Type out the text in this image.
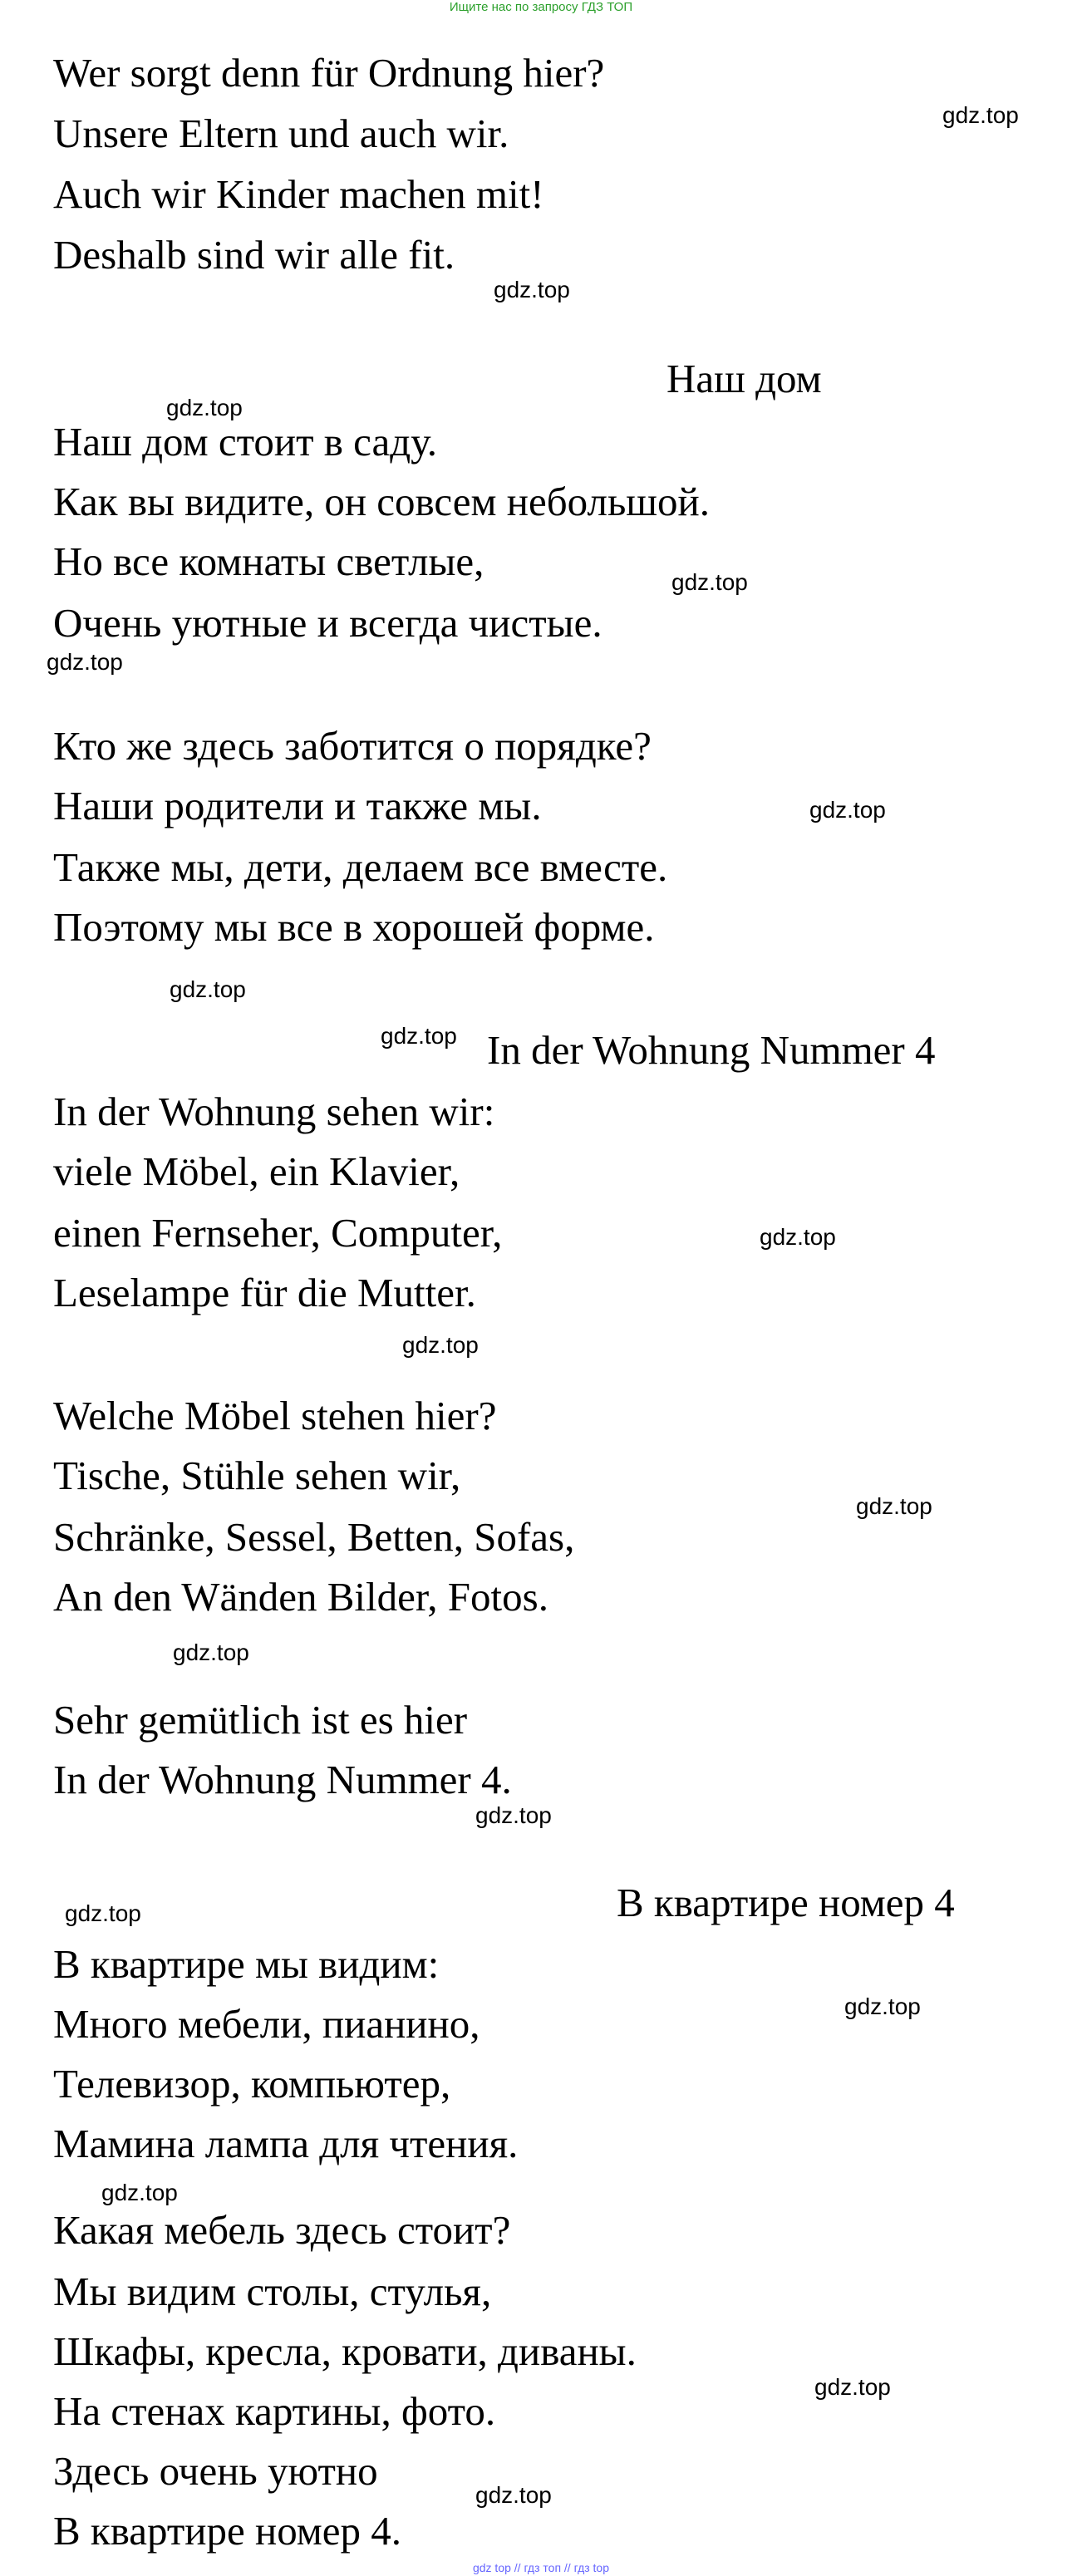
Ищите нас по запросу ГДЗ ТОП
Wer sorgt denn für Ordnung hier?
Unsere Eltern und auch wir.
Auch wir Kinder machen mit!
Deshalb sind wir alle fit.
Наш дом
Наш дом стоит в саду.
Как вы видите, он совсем небольшой.
Но все комнаты светлые,
Очень уютные и всегда чистые.
Кто же здесь заботится о порядке?
Наши родители и также мы.
Также мы, дети, делаем все вместе.
Поэтому мы все в хорошей форме.
In der Wohnung Nummer 4
In der Wohnung sehen wir:
viele Möbel, ein Klavier,
einen Fernseher, Computer,
Leselampe für die Mutter.
Welche Möbel stehen hier?
Tische, Stühle sehen wir,
Schränke, Sessel, Betten, Sofas,
An den Wänden Bilder, Fotos.
Sehr gemütlich ist es hier
In der Wohnung Nummer 4.
В квартире номер 4
В квартире мы видим:
Много мебели, пианино,
Телевизор, компьютер,
Мамина лампа для чтения.
Какая мебель здесь стоит?
Мы видим столы, стулья,
Шкафы, кресла, кровати, диваны.
На стенах картины, фото.
Здесь очень уютно
В квартире номер 4.
gdz.top
gdz.top
gdz.top
gdz.top
gdz.top
gdz.top
gdz.top
gdz.top
gdz.top
gdz.top
gdz.top
gdz.top
gdz.top
gdz.top
gdz.top
gdz.top
gdz.top
gdz.top
gdz top // гдз топ // гдз top
